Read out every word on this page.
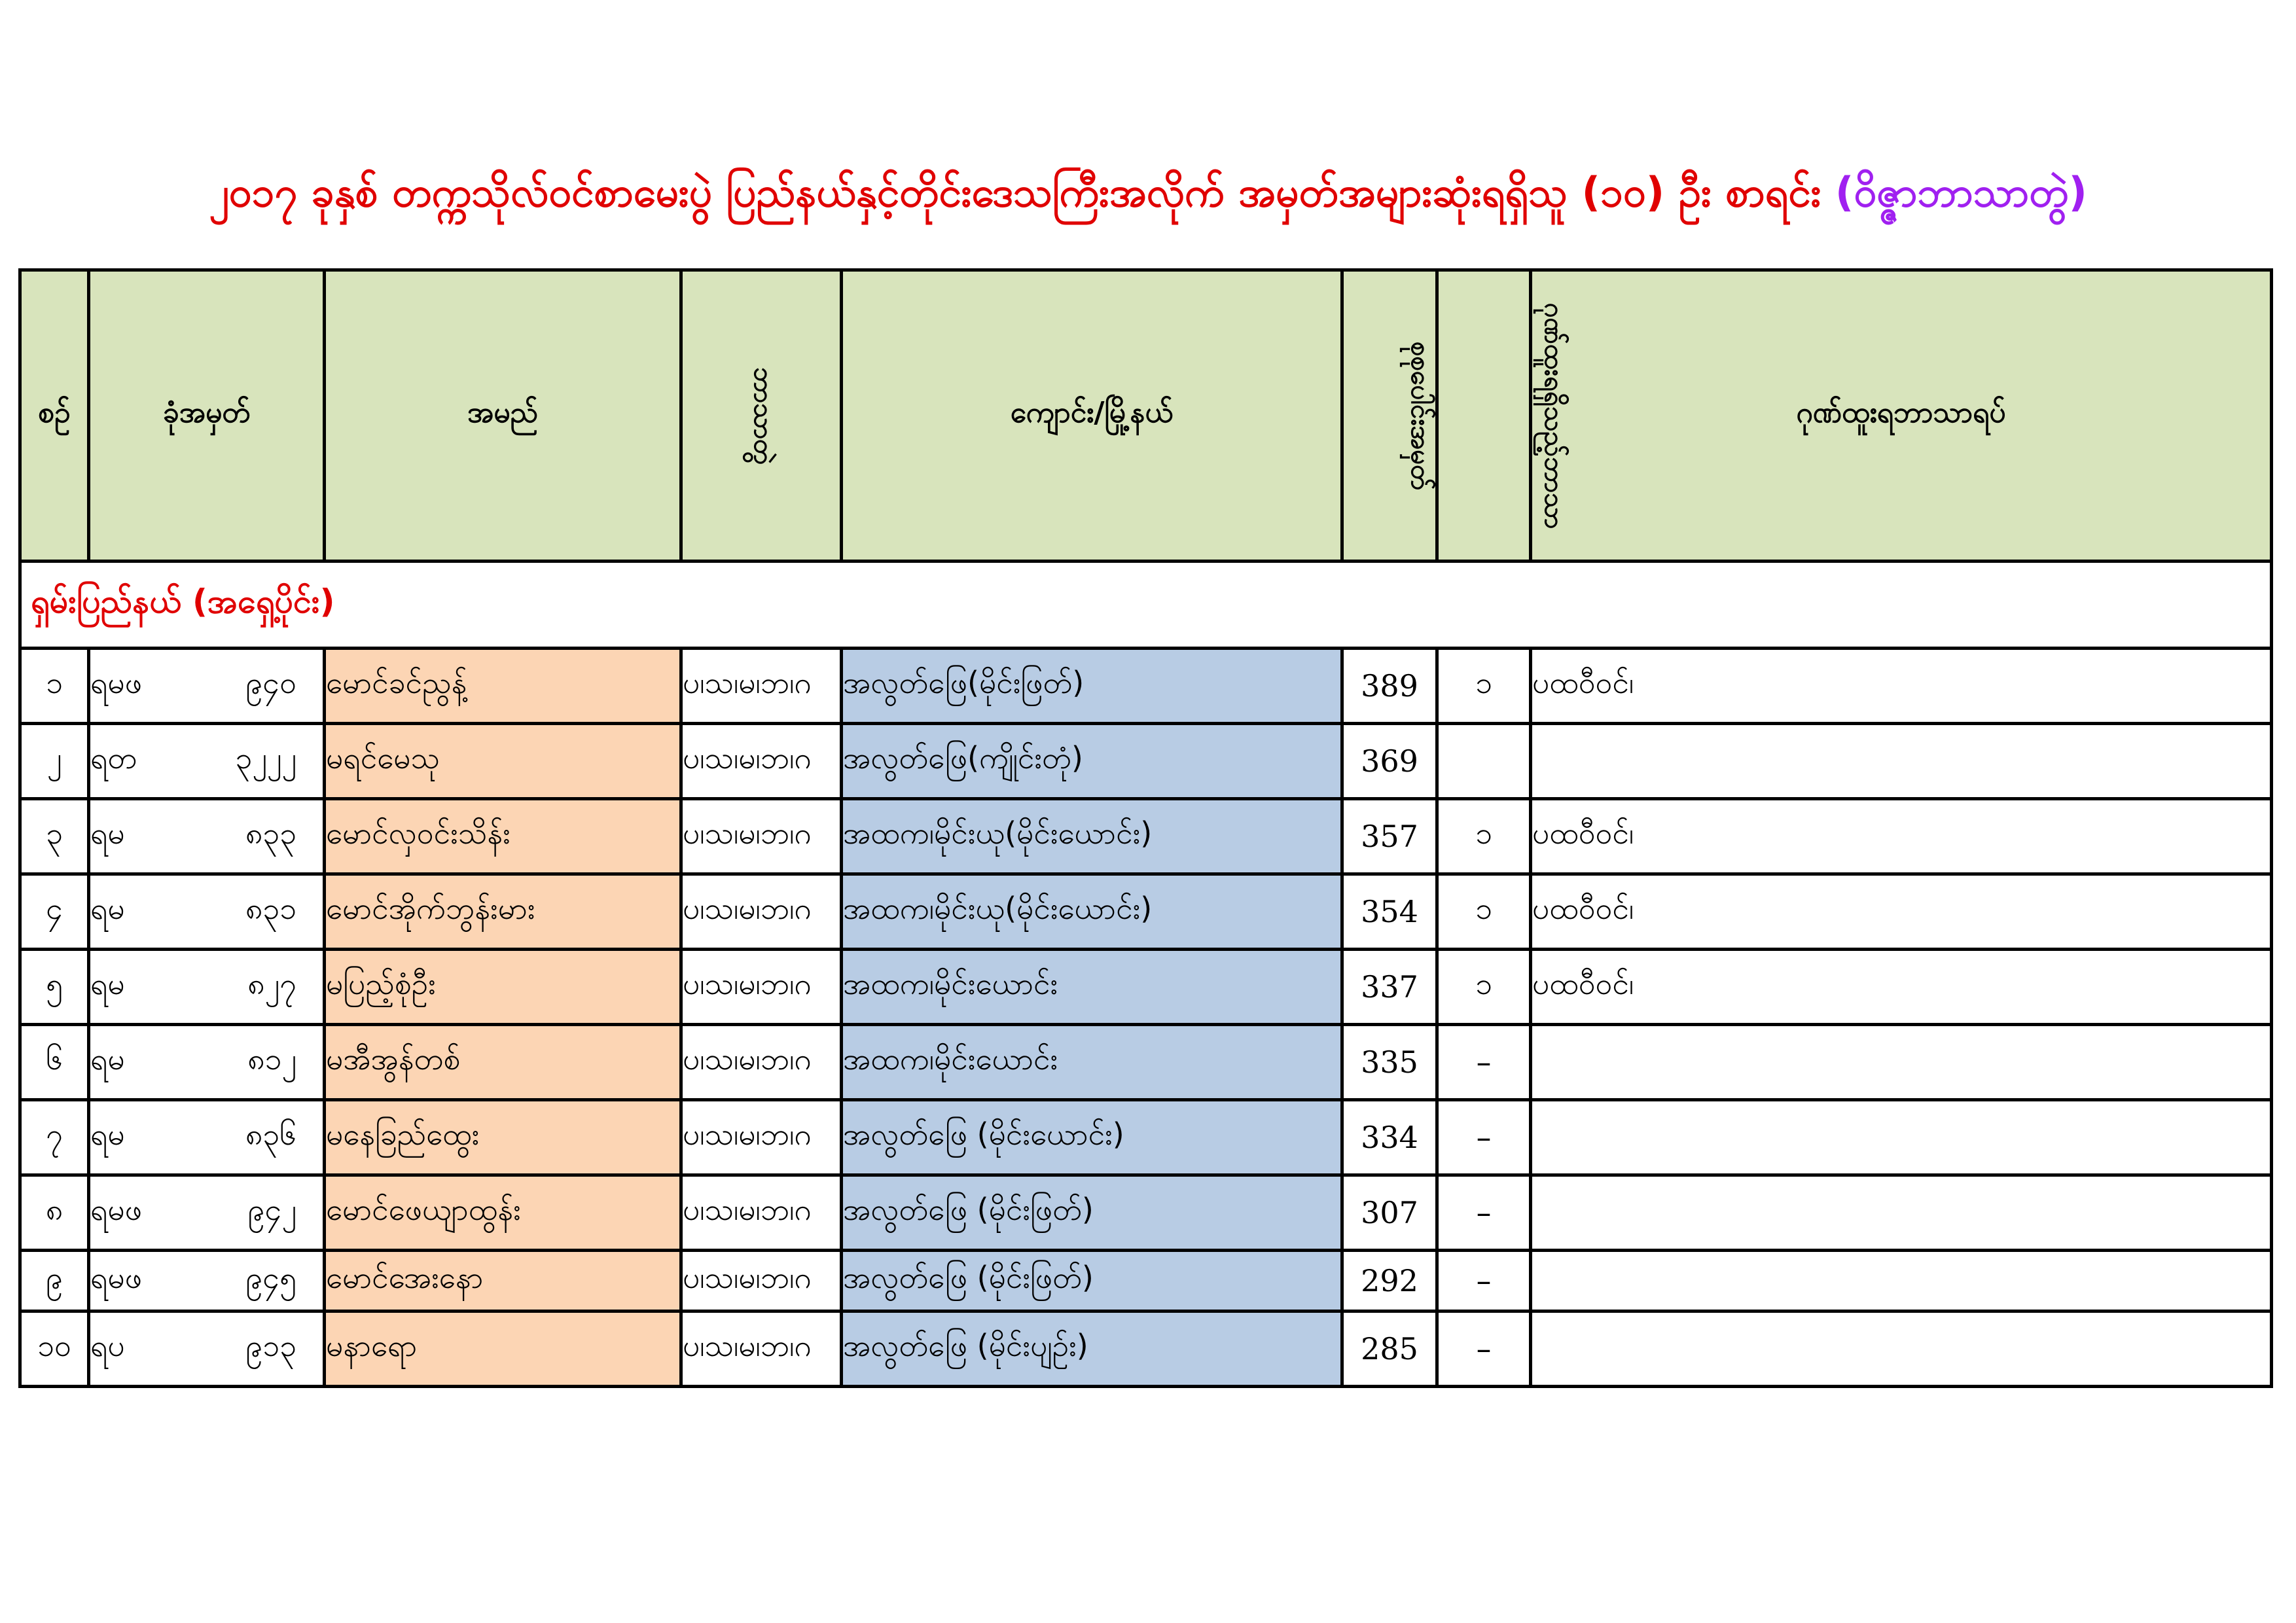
၂၀၁၇ ခုနှစ် တက္ကသိုလ်ဝင်စာမေးပွဲ ပြည်နယ်နှင့်တိုင်းဒေသကြီးအလိုက် အမှတ်အများဆုံးရရှိသူ (၁၀) ဦး စာရင်း (ဝိဇ္ဇာဘာသာတွဲ)
စဉ်	ခုံအမှတ်	အမည်	ဘာသာတွဲ	ကျောင်း/မြို့နယ်	စုစုပေါင်းအမှတ်	ဂုဏ်ထူးရရှိသည့်ဘာသာ	ဂုဏ်ထူးရဘာသာရပ်
ရှမ်းပြည်နယ် (အရှေ့ပိုင်း)							
၁	ရမဖ ၉၄၀	မောင်ခင်ညွန့်	ပ၊သ၊မ၊ဘ၊ဂ	အလွတ်ဖြေ(မိုင်းဖြတ်)	389	၁	ပထဝီဝင်၊
၂	ရတ ၃၂၂၂	မရင်မေသု	ပ၊သ၊မ၊ဘ၊ဂ	အလွတ်ဖြေ(ကျိုင်းတုံ)	369		
၃	ရမ ၈၃၃	မောင်လှဝင်းသိန်း	ပ၊သ၊မ၊ဘ၊ဂ	အထက၊မိုင်းယု(မိုင်းယောင်း)	357	၁	ပထဝီဝင်၊
၄	ရမ ၈၃၁	မောင်အိုက်ဘွန်းမား	ပ၊သ၊မ၊ဘ၊ဂ	အထက၊မိုင်းယု(မိုင်းယောင်း)	354	၁	ပထဝီဝင်၊
၅	ရမ ၈၂၇	မပြည့်စုံဦး	ပ၊သ၊မ၊ဘ၊ဂ	အထက၊မိုင်းယောင်း	337	၁	ပထဝီဝင်၊
၆	ရမ ၈၁၂	မအီအွန်တစ်	ပ၊သ၊မ၊ဘ၊ဂ	အထက၊မိုင်းယောင်း	335	–	
၇	ရမ ၈၃၆	မနေခြည်ထွေး	ပ၊သ၊မ၊ဘ၊ဂ	အလွတ်ဖြေ (မိုင်းယောင်း)	334	–	
၈	ရမဖ ၉၄၂	မောင်ဖေယျာထွန်း	ပ၊သ၊မ၊ဘ၊ဂ	အလွတ်ဖြေ (မိုင်းဖြတ်)	307	–	
၉	ရမဖ ၉၄၅	မောင်အေးနော	ပ၊သ၊မ၊ဘ၊ဂ	အလွတ်ဖြေ (မိုင်းဖြတ်)	292	–	
၁၀	ရပ ၉၁၃	မနာရော	ပ၊သ၊မ၊ဘ၊ဂ	အလွတ်ဖြေ (မိုင်းပျဉ်း)	285	–	
